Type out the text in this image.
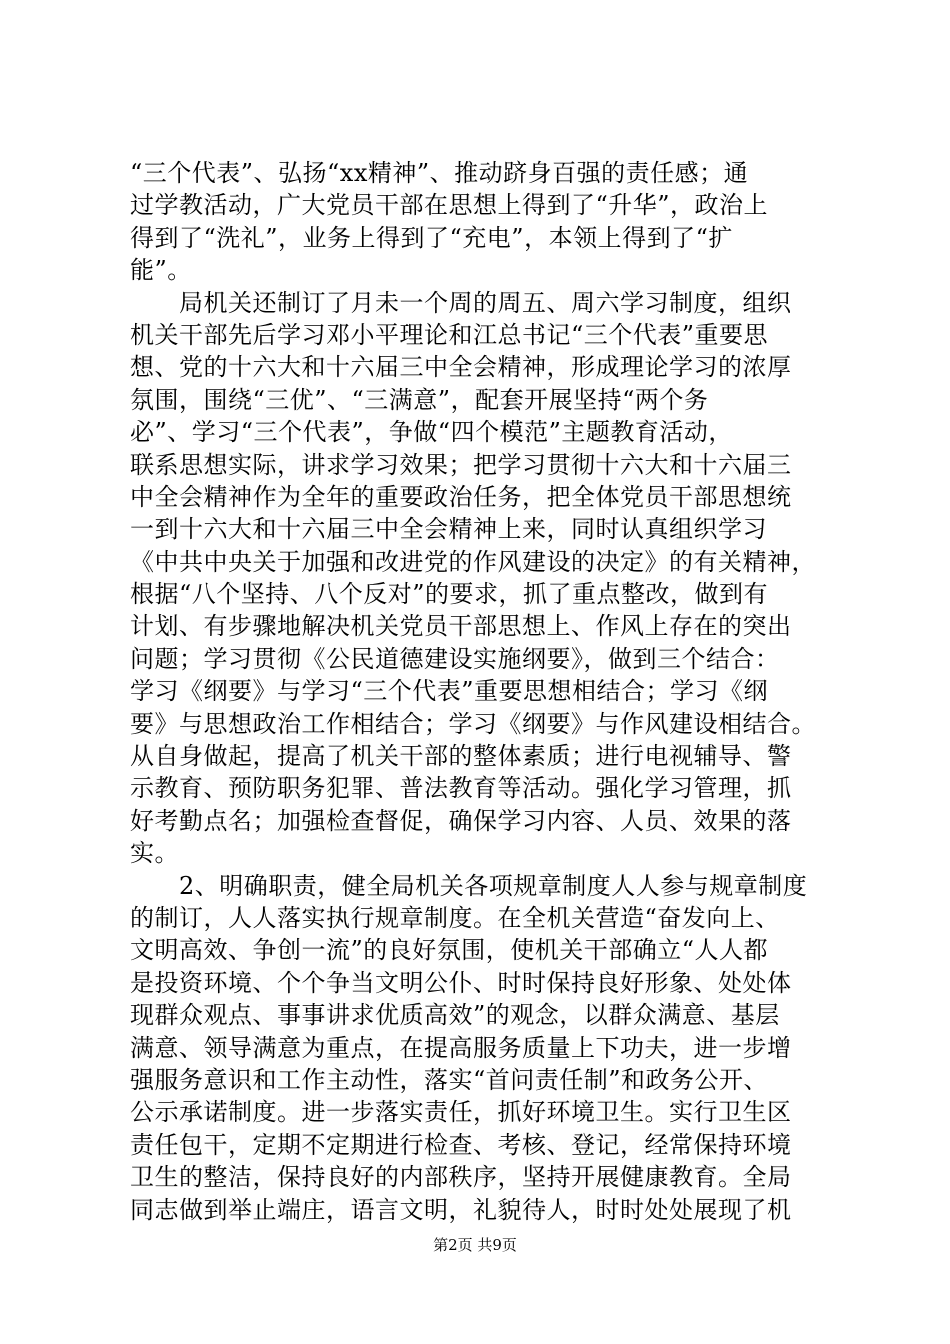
“三个代表”、弘扬“xx精神”、推动跻身百强的责任感；通
过学教活动，广大党员干部在思想上得到了“升华”，政治上
得到了“洗礼”，业务上得到了“充电”，本领上得到了“扩
能”。
　　局机关还制订了月未一个周的周五、周六学习制度，组织
机关干部先后学习邓小平理论和江总书记“三个代表”重要思
想、党的十六大和十六届三中全会精神，形成理论学习的浓厚
氛围，围绕“三优”、“三满意”，配套开展坚持“两个务
必”、学习“三个代表”，争做“四个模范”主题教育活动，
联系思想实际，讲求学习效果；把学习贯彻十六大和十六届三
中全会精神作为全年的重要政治任务，把全体党员干部思想统
一到十六大和十六届三中全会精神上来，同时认真组织学习
《中共中央关于加强和改进党的作风建设的决定》的有关精神，
根据“八个坚持、八个反对”的要求，抓了重点整改，做到有
计划、有步骤地解决机关党员干部思想上、作风上存在的突出
问题；学习贯彻《公民道德建设实施纲要》，做到三个结合：
学习《纲要》与学习“三个代表”重要思想相结合；学习《纲
要》与思想政治工作相结合；学习《纲要》与作风建设相结合。
从自身做起，提高了机关干部的整体素质；进行电视辅导、警
示教育、预防职务犯罪、普法教育等活动。强化学习管理，抓
好考勤点名；加强检查督促，确保学习内容、人员、效果的落
实。
　　2、明确职责，健全局机关各项规章制度人人参与规章制度
的制订，人人落实执行规章制度。在全机关营造“奋发向上、
文明高效、争创一流”的良好氛围，使机关干部确立“人人都
是投资环境、个个争当文明公仆、时时保持良好形象、处处体
现群众观点、事事讲求优质高效”的观念，以群众满意、基层
满意、领导满意为重点，在提高服务质量上下功夫，进一步增
强服务意识和工作主动性，落实“首问责任制”和政务公开、
公示承诺制度。进一步落实责任，抓好环境卫生。实行卫生区
责任包干，定期不定期进行检查、考核、登记，经常保持环境
卫生的整洁，保持良好的内部秩序，坚持开展健康教育。全局
同志做到举止端庄，语言文明，礼貌待人，时时处处展现了机
第2页 共9页
